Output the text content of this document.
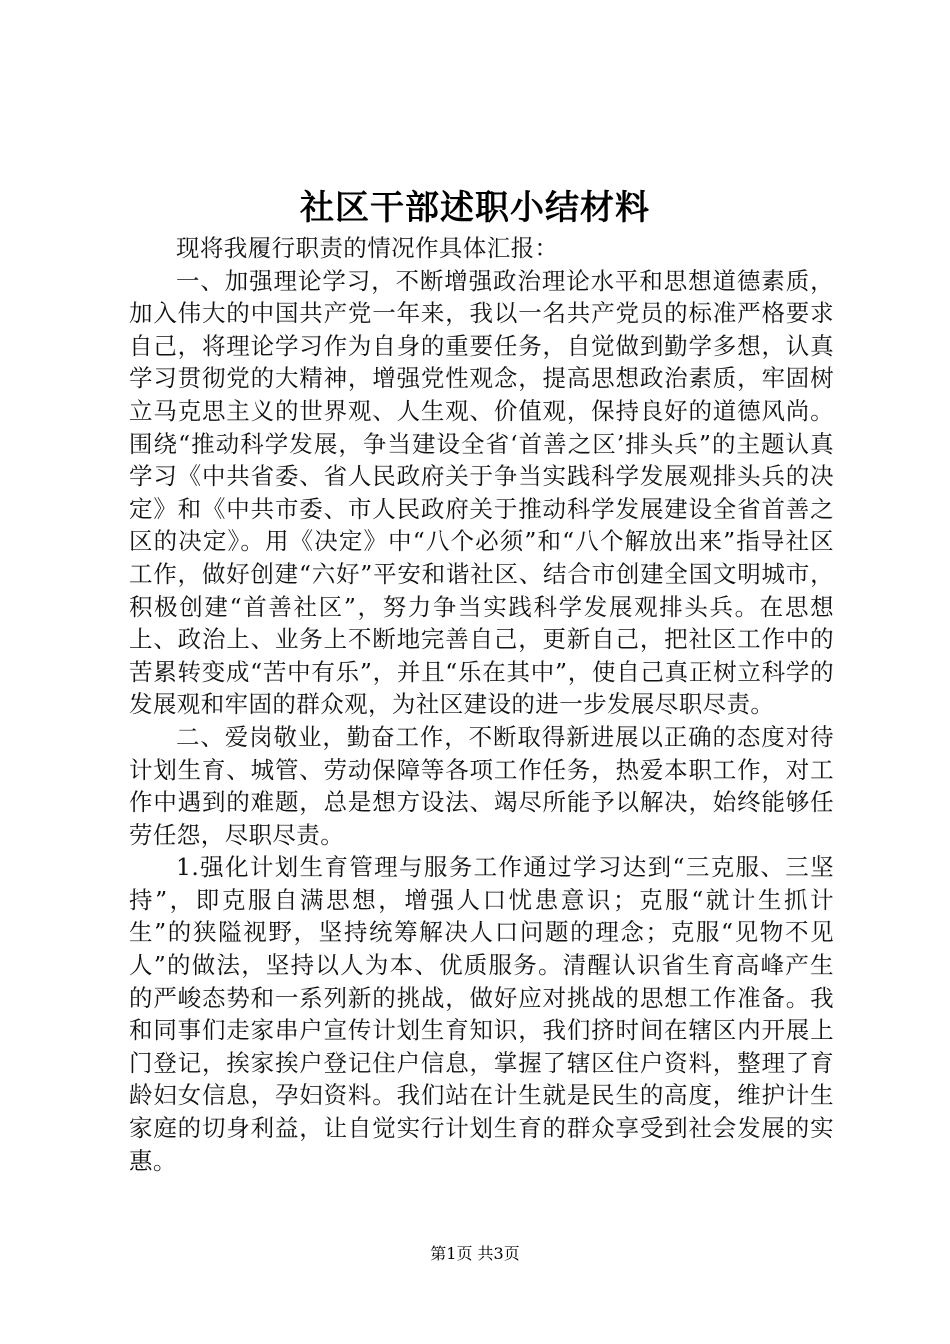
社区干部述职小结材料

现将我履行职责的情况作具体汇报：

一、加强理论学习，不断增强政治理论水平和思想道德素质，加入伟大的中国共产党一年来，我以一名共产党员的标准严格要求自己，将理论学习作为自身的重要任务，自觉做到勤学多想，认真学习贯彻党的大精神，增强党性观念，提高思想政治素质，牢固树立马克思主义的世界观、人生观、价值观，保持良好的道德风尚。围绕“推动科学发展，争当建设全省‘首善之区’排头兵”的主题认真学习《中共省委、省人民政府关于争当实践科学发展观排头兵的决定》和《中共市委、市人民政府关于推动科学发展建设全省首善之区的决定》。用《决定》中“八个必须”和“八个解放出来”指导社区工作，做好创建“六好”平安和谐社区、结合市创建全国文明城市，积极创建“首善社区”，努力争当实践科学发展观排头兵。在思想上、政治上、业务上不断地完善自己，更新自己，把社区工作中的苦累转变成“苦中有乐”，并且“乐在其中”，使自己真正树立科学的发展观和牢固的群众观，为社区建设的进一步发展尽职尽责。

二、爱岗敬业，勤奋工作，不断取得新进展以正确的态度对待计划生育、城管、劳动保障等各项工作任务，热爱本职工作，对工作中遇到的难题，总是想方设法、竭尽所能予以解决，始终能够任劳任怨，尽职尽责。

1.强化计划生育管理与服务工作通过学习达到“三克服、三坚持”，即克服自满思想，增强人口忧患意识；克服“就计生抓计生”的狭隘视野，坚持统筹解决人口问题的理念；克服“见物不见人”的做法，坚持以人为本、优质服务。清醒认识省生育高峰产生的严峻态势和一系列新的挑战，做好应对挑战的思想工作准备。我和同事们走家串户宣传计划生育知识，我们挤时间在辖区内开展上门登记，挨家挨户登记住户信息，掌握了辖区住户资料，整理了育龄妇女信息，孕妇资料。我们站在计生就是民生的高度，维护计生家庭的切身利益，让自觉实行计划生育的群众享受到社会发展的实惠。

第1页 共3页
